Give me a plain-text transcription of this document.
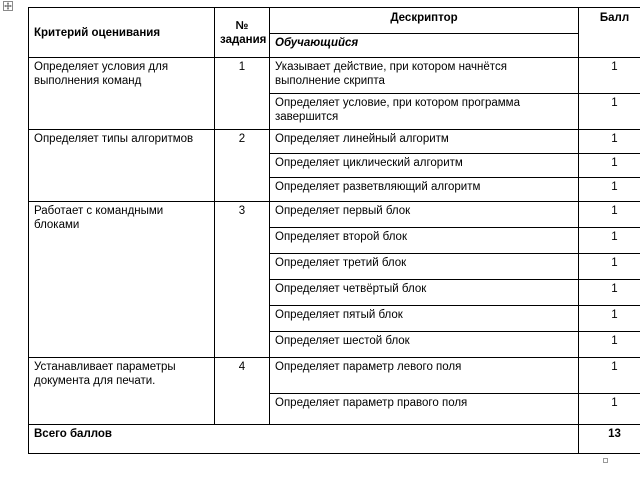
Критерий оценивания	№ задания	Дескриптор	Балл
		Обучающийся	
Определяет условия для выполнения команд	1	Указывает действие, при котором начнётся выполнение скрипта	1
		Определяет условие, при котором программа завершится	1
Определяет типы алгоритмов	2	Определяет линейный алгоритм	1
		Определяет циклический алгоритм	1
		Определяет разветвляющий алгоритм	1
Работает с командными блоками	3	Определяет первый блок	1
		Определяет второй блок	1
		Определяет третий блок	1
		Определяет четвёртый блок	1
		Определяет пятый блок	1
		Определяет шестой блок	1
Устанавливает параметры документа для печати.	4	Определяет параметр левого поля	1
		Определяет параметр правого поля	1
Всего баллов			13
